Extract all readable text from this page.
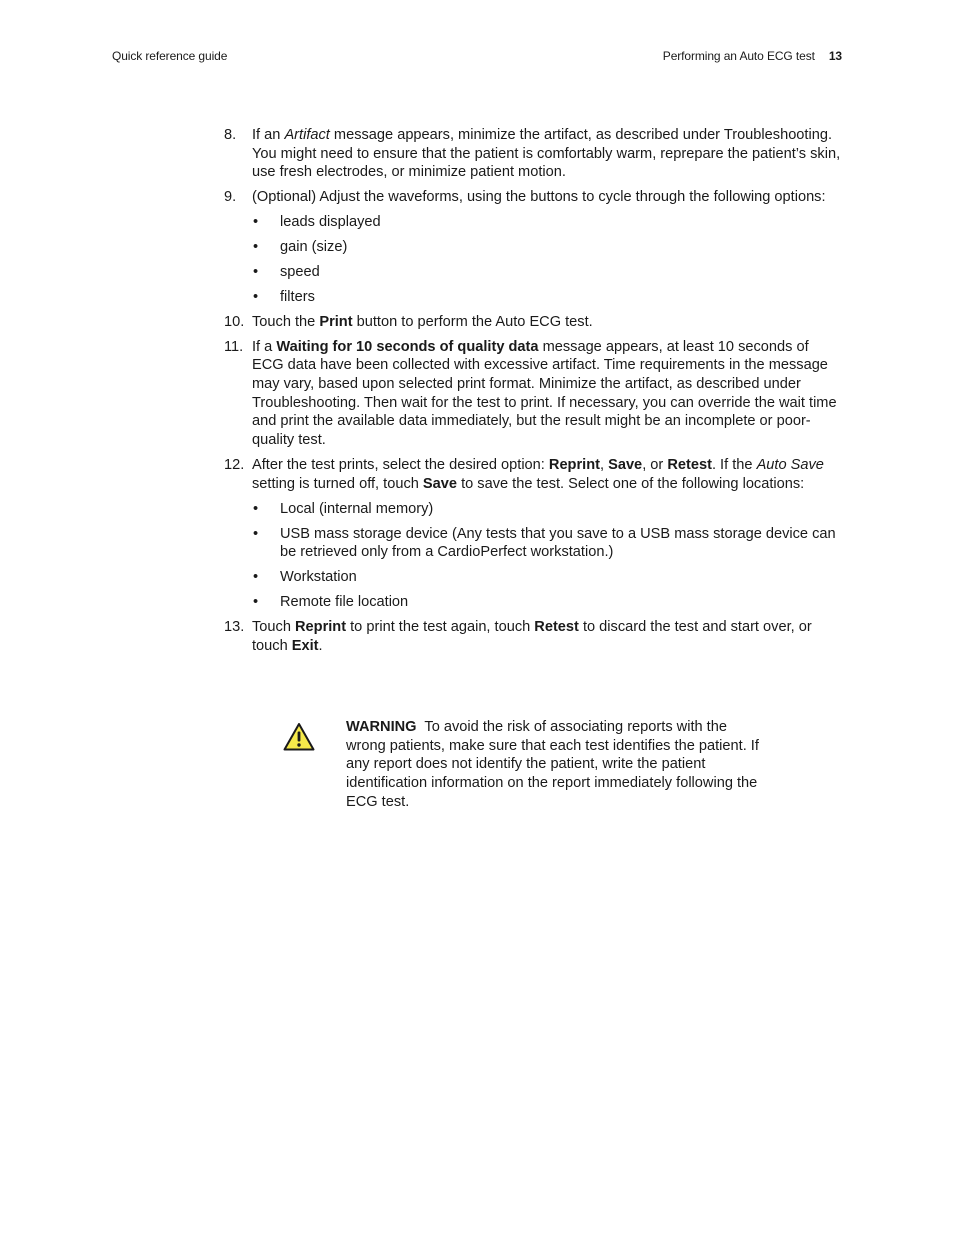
Quick reference guide	Performing an Auto ECG test 13
8. If an Artifact message appears, minimize the artifact, as described under Troubleshooting. You might need to ensure that the patient is comfortably warm, reprepare the patient’s skin, use fresh electrodes, or minimize patient motion.
9. (Optional) Adjust the waveforms, using the buttons to cycle through the following options:
• leads displayed
• gain (size)
• speed
• filters
10. Touch the Print button to perform the Auto ECG test.
11. If a Waiting for 10 seconds of quality data message appears, at least 10 seconds of ECG data have been collected with excessive artifact. Time requirements in the message may vary, based upon selected print format. Minimize the artifact, as described under Troubleshooting. Then wait for the test to print. If necessary, you can override the wait time and print the available data immediately, but the result might be an incomplete or poor-quality test.
12. After the test prints, select the desired option: Reprint, Save, or Retest. If the Auto Save setting is turned off, touch Save to save the test. Select one of the following locations:
• Local (internal memory)
• USB mass storage device (Any tests that you save to a USB mass storage device can be retrieved only from a CardioPerfect workstation.)
• Workstation
• Remote file location
13. Touch Reprint to print the test again, touch Retest to discard the test and start over, or touch Exit.
WARNING To avoid the risk of associating reports with the wrong patients, make sure that each test identifies the patient. If any report does not identify the patient, write the patient identification information on the report immediately following the ECG test.
